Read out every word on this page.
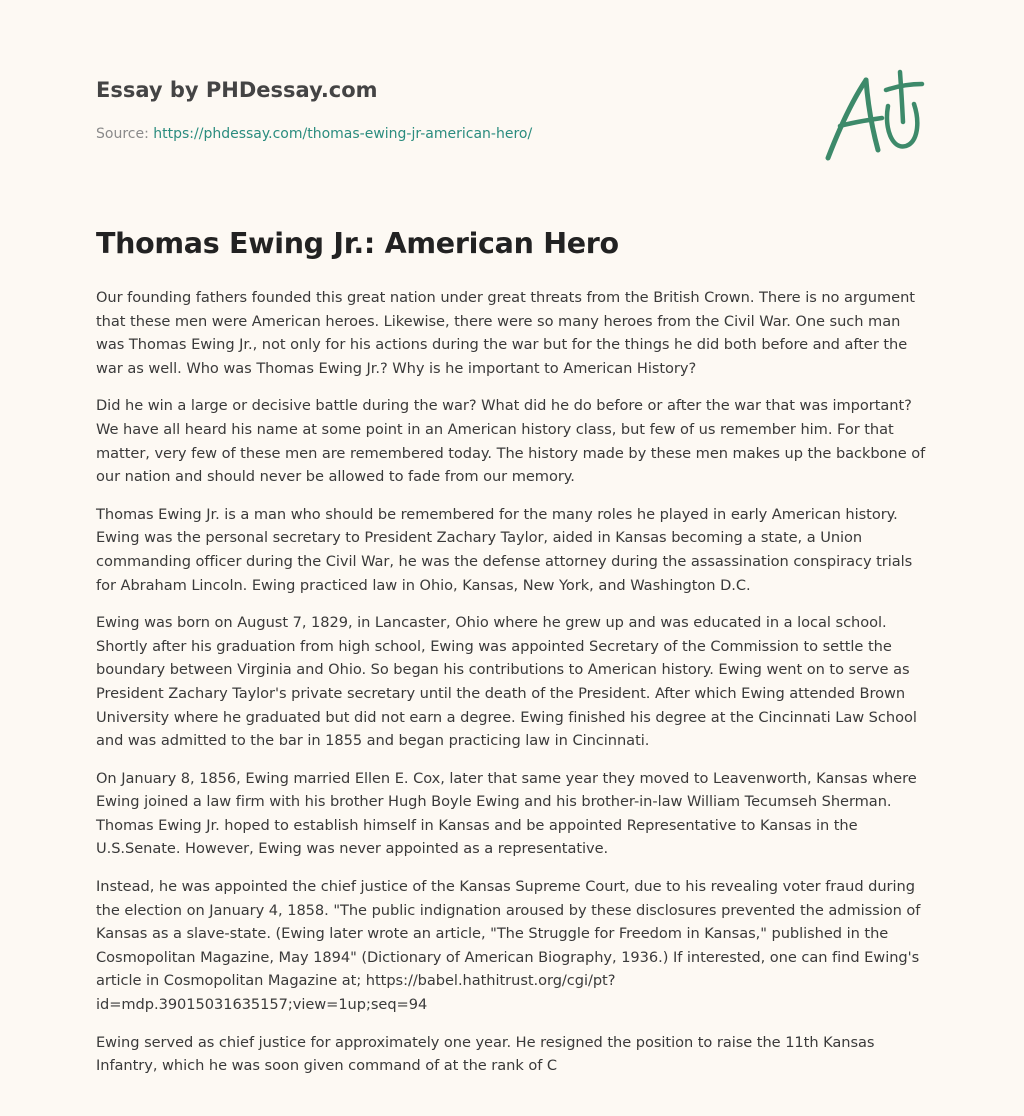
Essay by PHDessay.com
Source: https://phdessay.com/thomas-ewing-jr-american-hero/
Thomas Ewing Jr.: American Hero

Our founding fathers founded this great nation under great threats from the British Crown. There is no argument that these men were American heroes. Likewise, there were so many heroes from the Civil War. One such man was Thomas Ewing Jr., not only for his actions during the war but for the things he did both before and after the war as well. Who was Thomas Ewing Jr.? Why is he important to American History?

Did he win a large or decisive battle during the war? What did he do before or after the war that was important? We have all heard his name at some point in an American history class, but few of us remember him. For that matter, very few of these men are remembered today. The history made by these men makes up the backbone of our nation and should never be allowed to fade from our memory.

Thomas Ewing Jr. is a man who should be remembered for the many roles he played in early American history. Ewing was the personal secretary to President Zachary Taylor, aided in Kansas becoming a state, a Union commanding officer during the Civil War, he was the defense attorney during the assassination conspiracy trials for Abraham Lincoln. Ewing practiced law in Ohio, Kansas, New York, and Washington D.C.

Ewing was born on August 7, 1829, in Lancaster, Ohio where he grew up and was educated in a local school. Shortly after his graduation from high school, Ewing was appointed Secretary of the Commission to settle the boundary between Virginia and Ohio. So began his contributions to American history. Ewing went on to serve as President Zachary Taylor's private secretary until the death of the President. After which Ewing attended Brown University where he graduated but did not earn a degree. Ewing finished his degree at the Cincinnati Law School and was admitted to the bar in 1855 and began practicing law in Cincinnati.

On January 8, 1856, Ewing married Ellen E. Cox, later that same year they moved to Leavenworth, Kansas where Ewing joined a law firm with his brother Hugh Boyle Ewing and his brother-in-law William Tecumseh Sherman. Thomas Ewing Jr. hoped to establish himself in Kansas and be appointed Representative to Kansas in the U.S.Senate. However, Ewing was never appointed as a representative.

Instead, he was appointed the chief justice of the Kansas Supreme Court, due to his revealing voter fraud during the election on January 4, 1858. "The public indignation aroused by these disclosures prevented the admission of Kansas as a slave-state. (Ewing later wrote an article, "The Struggle for Freedom in Kansas," published in the Cosmopolitan Magazine, May 1894" (Dictionary of American Biography, 1936.) If interested, one can find Ewing's article in Cosmopolitan Magazine at; https://babel.hathitrust.org/cgi/pt?id=mdp.39015031635157;view=1up;seq=94

Ewing served as chief justice for approximately one year. He resigned the position to raise the 11th Kansas Infantry, which he was soon given command of at the rank of C
